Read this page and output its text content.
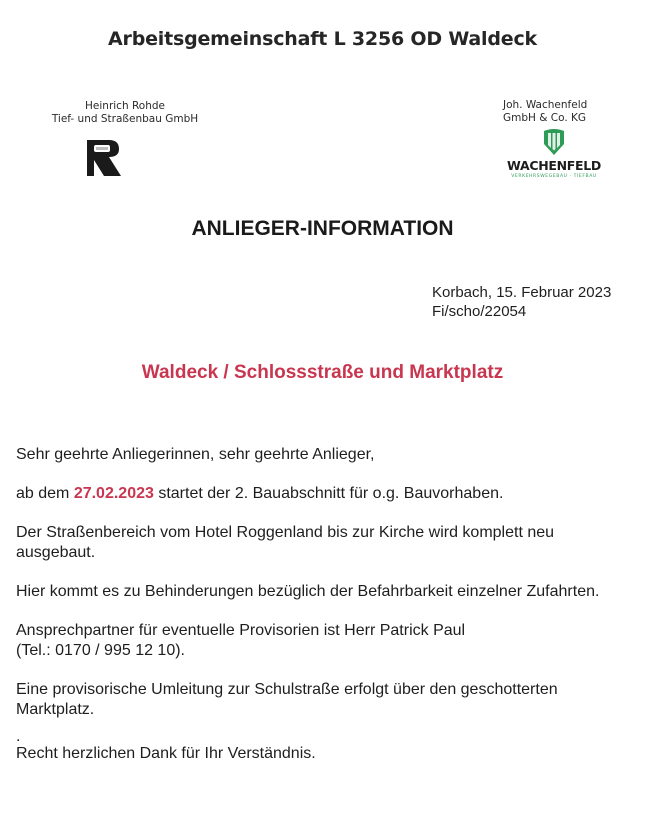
Arbeitsgemeinschaft L 3256 OD Waldeck
Heinrich Rohde
Tief- und Straßenbau GmbH
Joh. Wachenfeld
GmbH & Co. KG
WACHENFELD
VERKEHRSWEGEBAU · TIEFBAU
ANLIEGER-INFORMATION
Korbach, 15. Februar 2023
Fi/scho/22054
Waldeck / Schlossstraße und Marktplatz

Sehr geehrte Anliegerinnen, sehr geehrte Anlieger,

ab dem 27.02.2023 startet der 2. Bauabschnitt für o.g. Bauvorhaben.

Der Straßenbereich vom Hotel Roggenland bis zur Kirche wird komplett neu ausgebaut.

Hier kommt es zu Behinderungen bezüglich der Befahrbarkeit einzelner Zufahrten.

Ansprechpartner für eventuelle Provisorien ist Herr Patrick Paul
(Tel.: 0170 / 995 12 10).

Eine provisorische Umleitung zur Schulstraße erfolgt über den geschotterten Marktplatz.

.

Recht herzlichen Dank für Ihr Verständnis.
